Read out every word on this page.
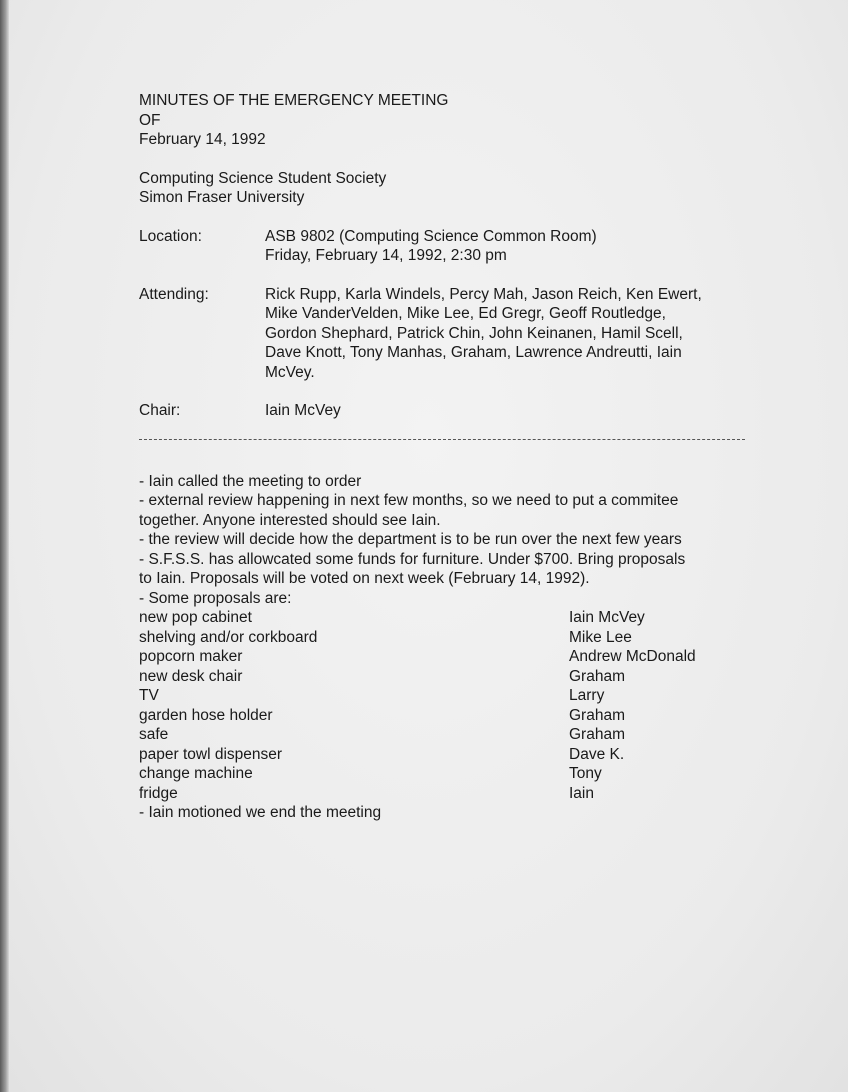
MINUTES OF THE EMERGENCY MEETING
OF
February 14, 1992
Computing Science Student Society
Simon Fraser University
Location:	ASB 9802 (Computing Science Common Room)
Friday, February 14, 1992, 2:30 pm
Attending:	Rick Rupp, Karla Windels, Percy Mah, Jason Reich, Ken Ewert,
Mike VanderVelden, Mike Lee, Ed Gregr, Geoff Routledge,
Gordon Shephard, Patrick Chin, John Keinanen, Hamil Scell,
Dave Knott, Tony Manhas, Graham, Lawrence Andreutti, Iain
McVey.
Chair:	Iain McVey
- Iain called the meeting to order
- external review happening in next few months, so we need to put a commitee
together. Anyone interested should see Iain.
- the review will decide how the department is to be run over the next few years
- S.F.S.S. has allowcated some funds for furniture. Under $700. Bring proposals
to Iain. Proposals will be voted on next week (February 14, 1992).
- Some proposals are:
new pop cabinet	Iain McVey
shelving and/or corkboard	Mike Lee
popcorn maker	Andrew McDonald
new desk chair	Graham
TV	Larry
garden hose holder	Graham
safe	Graham
paper towl dispenser	Dave K.
change machine	Tony
fridge	Iain
- Iain motioned we end the meeting
